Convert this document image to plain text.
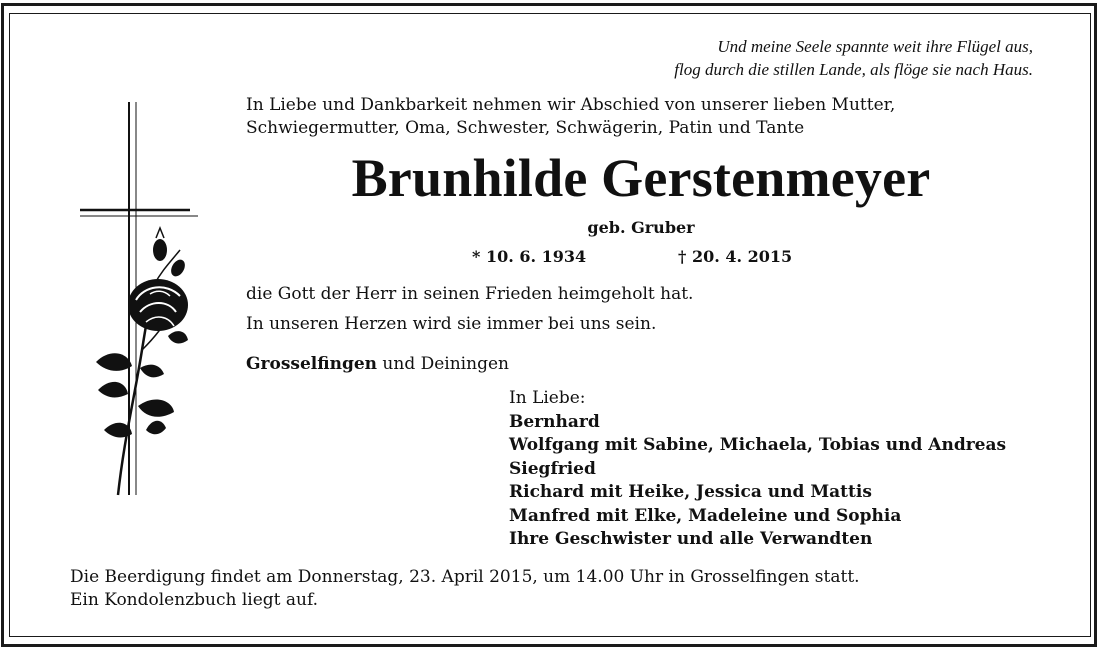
Und meine Seele spannte weit ihre Flügel aus,
flog durch die stillen Lande, als flöge sie nach Haus.
In Liebe und Dankbarkeit nehmen wir Abschied von unserer lieben Mutter,
Schwiegermutter, Oma, Schwester, Schwägerin, Patin und Tante
Brunhilde Gerstenmeyer
geb. Gruber
* 10. 6. 1934	† 20. 4. 2015
die Gott der Herr in seinen Frieden heimgeholt hat.
In unseren Herzen wird sie immer bei uns sein.
Grosselfingen und Deiningen
In Liebe:
Bernhard
Wolfgang mit Sabine, Michaela, Tobias und Andreas
Siegfried
Richard mit Heike, Jessica und Mattis
Manfred mit Elke, Madeleine und Sophia
Ihre Geschwister und alle Verwandten
Die Beerdigung findet am Donnerstag, 23. April 2015, um 14.00 Uhr in Grosselfingen statt.
Ein Kondolenzbuch liegt auf.
